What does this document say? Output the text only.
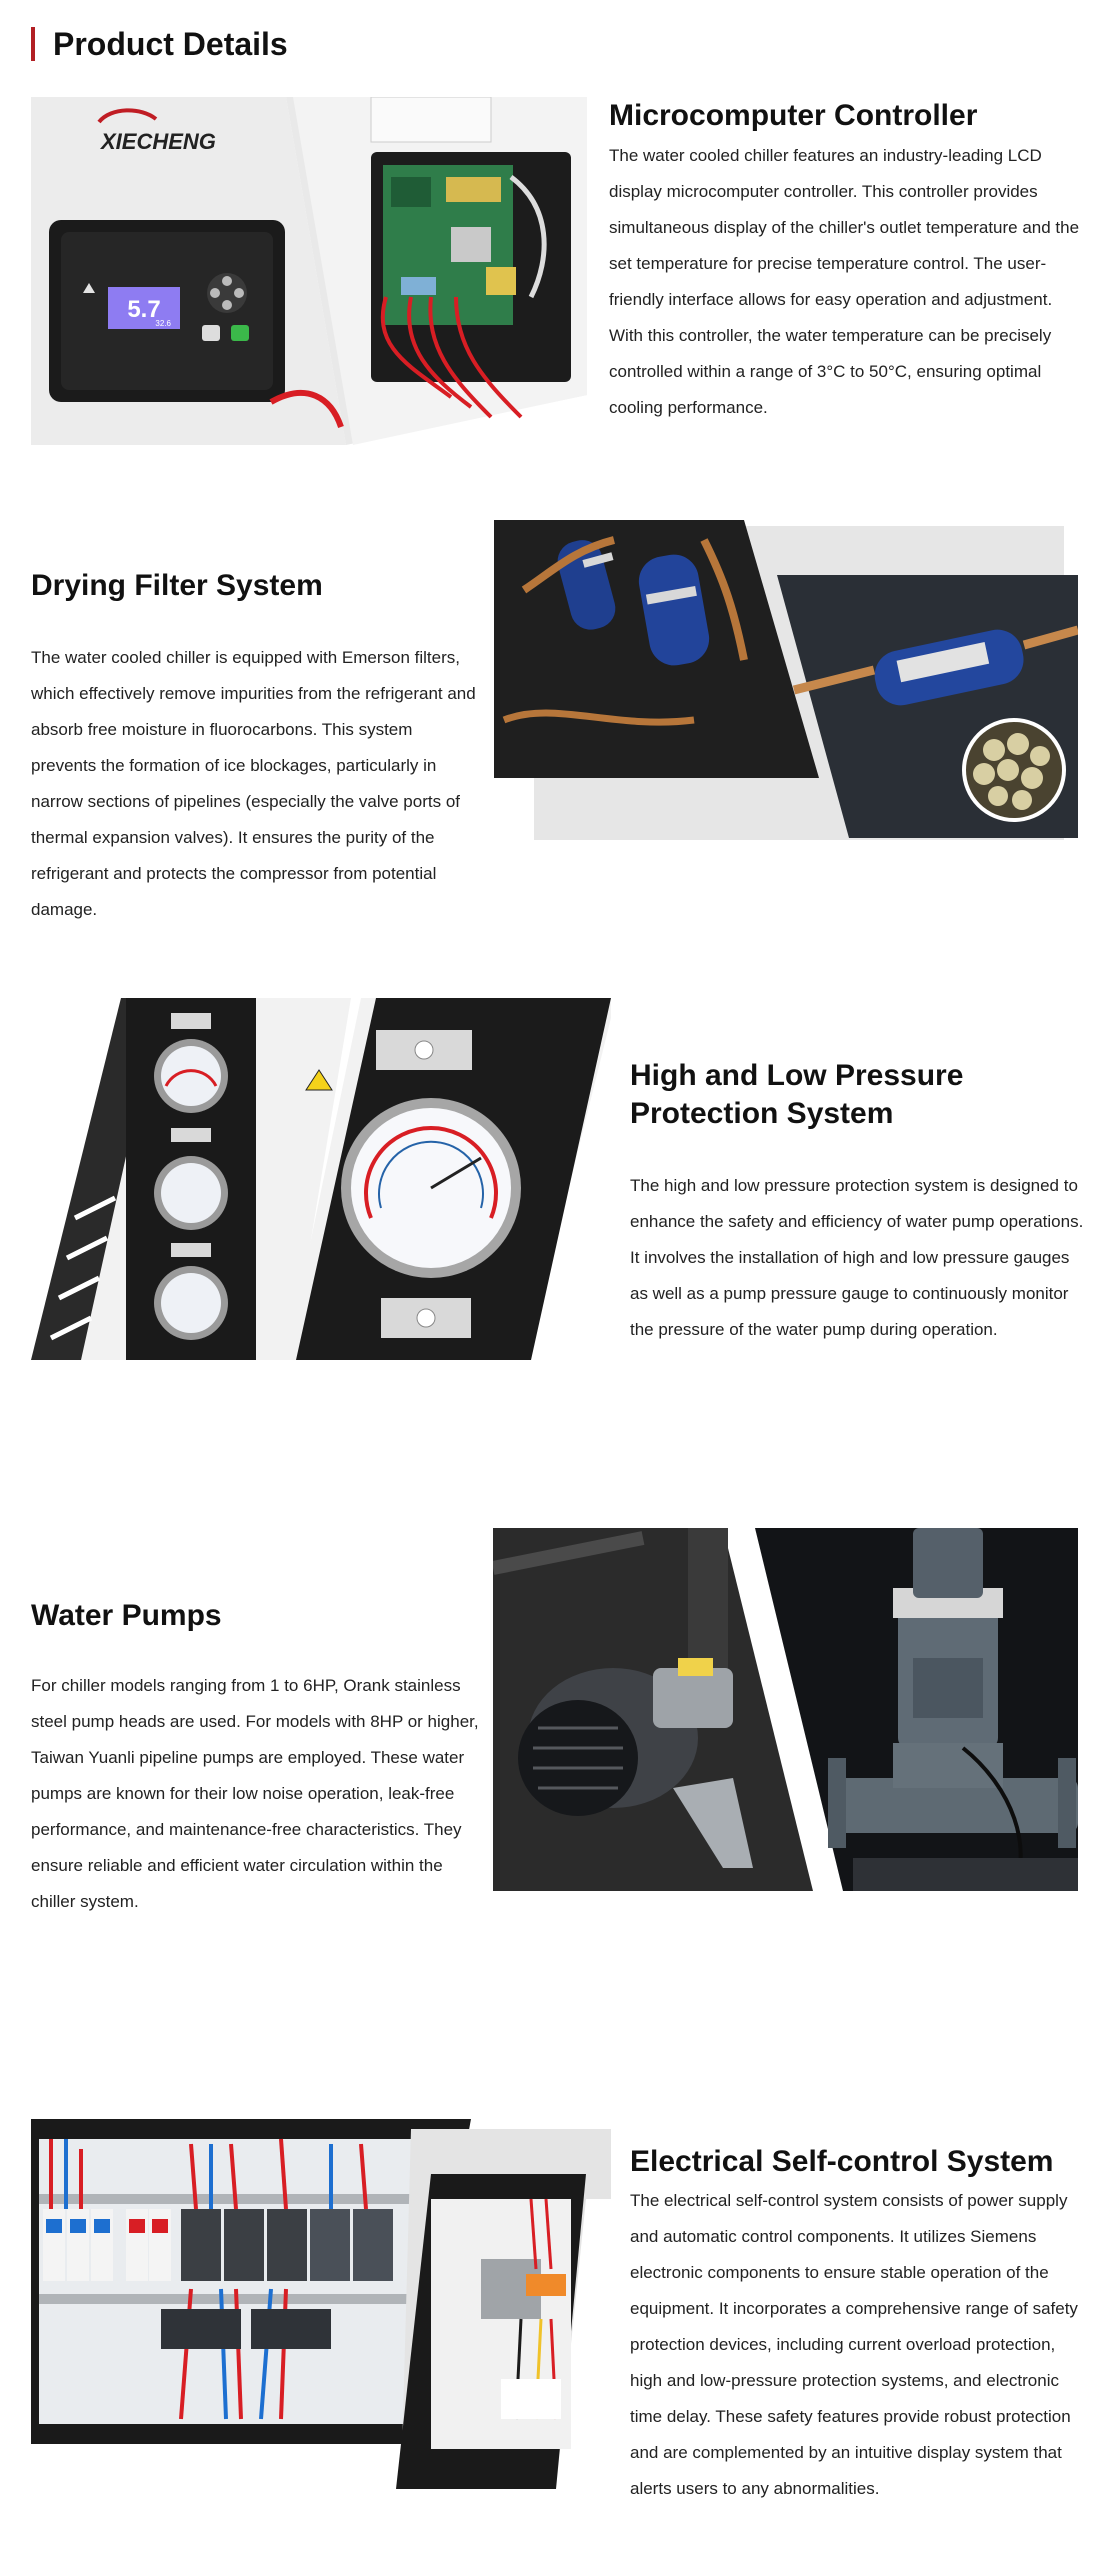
Product Details
XIECHENG
5.7
32.6
Microcomputer Controller

The water cooled chiller features an industry-leading LCD display microcomputer controller. This controller provides simultaneous display of the chiller's outlet temperature and the set temperature for precise temperature control. The user-friendly interface allows for easy operation and adjustment. With this controller, the water temperature can be precisely controlled within a range of 3°C to 50°C, ensuring optimal cooling performance.

Drying Filter System

The water cooled chiller is equipped with Emerson filters, which effectively remove impurities from the refrigerant and absorb free moisture in fluorocarbons. This system prevents the formation of ice blockages, particularly in narrow sections of pipelines (especially the valve ports of thermal expansion valves). It ensures the purity of the refrigerant and protects the compressor from potential damage.

High and Low Pressure Protection System

The high and low pressure protection system is designed to enhance the safety and efficiency of water pump operations. It involves the installation of high and low pressure gauges as well as a pump pressure gauge to continuously monitor the pressure of the water pump during operation.

Water Pumps

For chiller models ranging from 1 to 6HP, Orank stainless steel pump heads are used. For models with 8HP or higher, Taiwan Yuanli pipeline pumps are employed. These water pumps are known for their low noise operation, leak-free performance, and maintenance-free characteristics. They ensure reliable and efficient water circulation within the chiller system.

Electrical Self-control System

The electrical self-control system consists of power supply and automatic control components. It utilizes Siemens electronic components to ensure stable operation of the equipment. It incorporates a comprehensive range of safety protection devices, including current overload protection, high and low-pressure protection systems, and electronic time delay. These safety features provide robust protection and are complemented by an intuitive display system that alerts users to any abnormalities.
